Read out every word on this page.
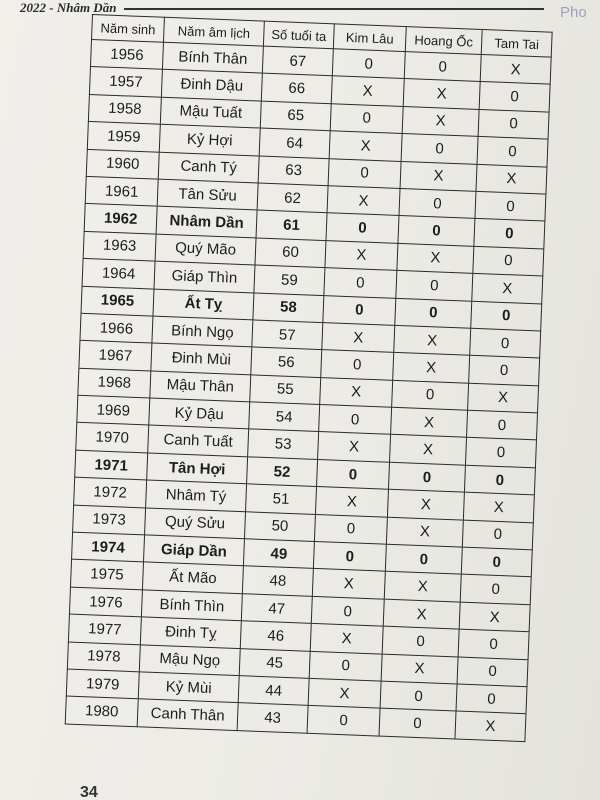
2022 - Nhâm Dần	Pho
Năm sinh	Năm âm lịch	Số tuổi ta	Kim Lâu	Hoang Ốc	Tam Tai
1956	Bính Thân	67	0	0	X
1957	Đinh Dậu	66	X	X	0
1958	Mậu Tuất	65	0	X	0
1959	Kỷ Hợi	64	X	0	0
1960	Canh Tý	63	0	X	X
1961	Tân Sửu	62	X	0	0
1962	Nhâm Dần	61	0	0	0
1963	Quý Mão	60	X	X	0
1964	Giáp Thìn	59	0	0	X
1965	Ất Tỵ	58	0	0	0
1966	Bính Ngọ	57	X	X	0
1967	Đinh Mùi	56	0	X	0
1968	Mậu Thân	55	X	0	X
1969	Kỷ Dậu	54	0	X	0
1970	Canh Tuất	53	X	X	0
1971	Tân Hợi	52	0	0	0
1972	Nhâm Tý	51	X	X	X
1973	Quý Sửu	50	0	X	0
1974	Giáp Dần	49	0	0	0
1975	Ất Mão	48	X	X	0
1976	Bính Thìn	47	0	X	X
1977	Đinh Tỵ	46	X	0	0
1978	Mậu Ngọ	45	0	X	0
1979	Kỷ Mùi	44	X	0	0
1980	Canh Thân	43	0	0	X
34
